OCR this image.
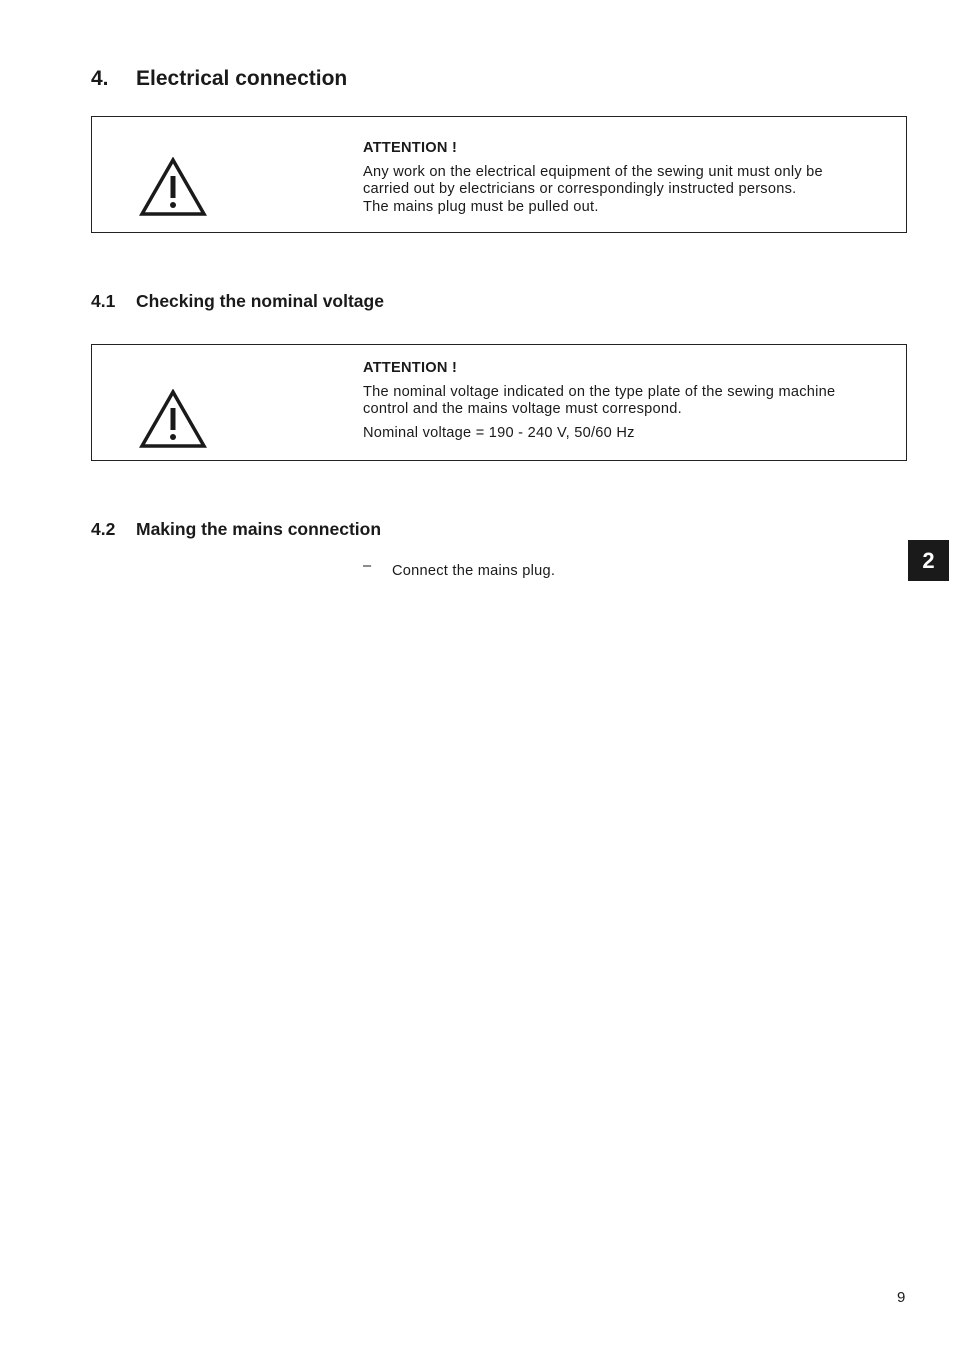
4. Electrical connection
ATTENTION !
Any work on the electrical equipment of the sewing unit must only be
carried out by electricians or correspondingly instructed persons.
The mains plug must be pulled out.
4.1 Checking the nominal voltage
ATTENTION !
The nominal voltage indicated on the type plate of the sewing machine
control and the mains voltage must correspond.
Nominal voltage = 190 - 240 V, 50/60 Hz
4.2 Making the mains connection
– Connect the mains plug.	2
9
